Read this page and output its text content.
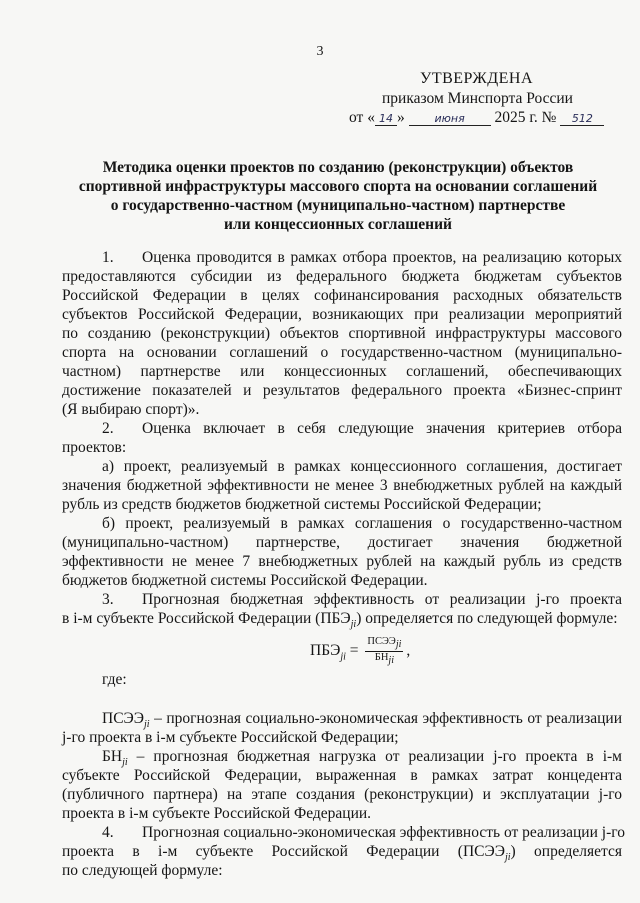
3
УТВЕРЖДЕНА
приказом Минспорта России
от « 14 »	июня 2025 г. № 512
Методика оценки проектов по созданию (реконструкции) объектов
спортивной инфраструктуры массового спорта на основании соглашений
о государственно-частном (муниципально-частном) партнерстве
или концессионных соглашений
1. Оценка проводится в рамках отбора проектов, на реализацию которых
предоставляются субсидии из федерального бюджета бюджетам субъектов
Российской Федерации в целях софинансирования расходных обязательств
субъектов Российской Федерации, возникающих при реализации мероприятий
по созданию (реконструкции) объектов спортивной инфраструктуры массового
спорта на основании соглашений о государственно-частном (муниципально-
частном) партнерстве или концессионных соглашений, обеспечивающих
достижение показателей и результатов федерального проекта «Бизнес-спринт
(Я выбираю спорт)».
2. Оценка включает в себя следующие значения критериев отбора
проектов:
а) проект, реализуемый в рамках концессионного соглашения, достигает
значения бюджетной эффективности не менее 3 внебюджетных рублей на каждый
рубль из средств бюджетов бюджетной системы Российской Федерации;
б) проект, реализуемый в рамках соглашения о государственно-частном
(муниципально-частном) партнерстве, достигает значения бюджетной
эффективности не менее 7 внебюджетных рублей на каждый рубль из средств
бюджетов бюджетной системы Российской Федерации.
3. Прогнозная бюджетная эффективность от реализации j-го проекта
в i-м субъекте Российской Федерации $(ПБЭ_{ji})$ определяется по следующей формуле:
$ПБЭ_{ji} = \frac{ПСЭЭ_{ji}}{БН_{ji}}$ ,
где:
$ПСЭЭ_{ji}$ – прогнозная социально-экономическая эффективность от реализации
j-го проекта в i-м субъекте Российской Федерации;
$БН_{ji}$ – прогнозная бюджетная нагрузка от реализации j-го проекта в i-м
субъекте Российской Федерации, выраженная в рамках затрат концедента
(публичного партнера) на этапе создания (реконструкции) и эксплуатации j-го
проекта в i-м субъекте Российской Федерации.
4. Прогнозная социально-экономическая эффективность от реализации j-го
проекта в i-м субъекте Российской Федерации $(ПСЭЭ_{ji})$ определяется
по следующей формуле:
